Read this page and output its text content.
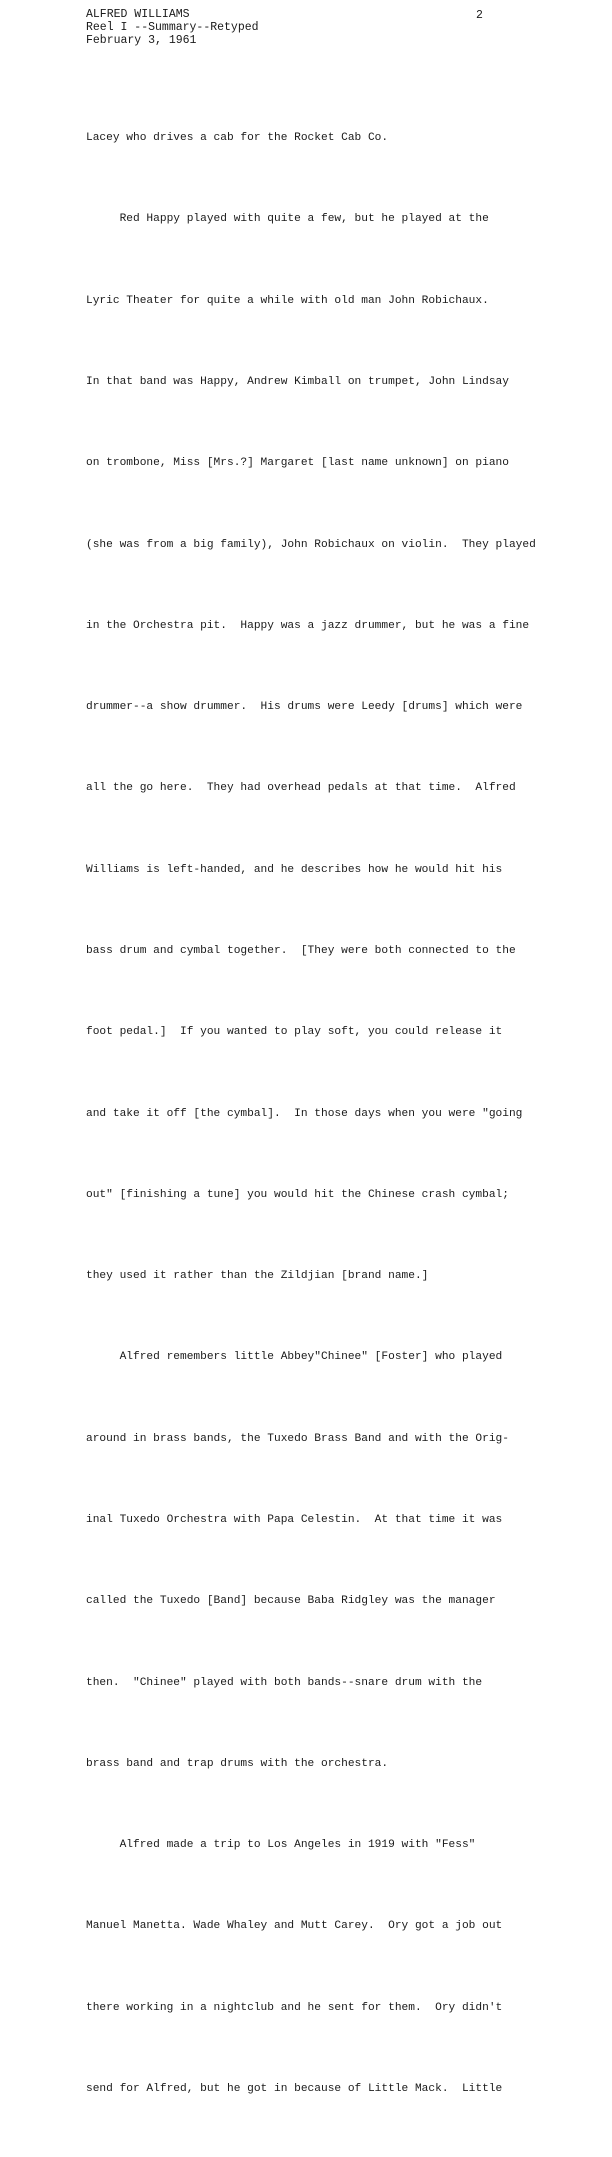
ALFRED WILLIAMS
Reel I --Summary--Retyped
February 3, 1961
2

Lacey who drives a cab for the Rocket Cab Co.

Red Happy played with quite a few, but he played at the

Lyric Theater for quite a while with old man John Robichaux.

In that band was Happy, Andrew Kimball on trumpet, John Lindsay

on trombone, Miss [Mrs.?] Margaret [last name unknown] on piano

(she was from a big family), John Robichaux on violin.  They played

in the Orchestra pit.  Happy was a jazz drummer, but he was a fine

drummer--a show drummer.  His drums were Leedy [drums] which were

all the go here.  They had overhead pedals at that time.  Alfred

Williams is left-handed, and he describes how he would hit his

bass drum and cymbal together.  [They were both connected to the

foot pedal.]  If you wanted to play soft, you could release it

and take it off [the cymbal].  In those days when you were "going

out" [finishing a tune] you would hit the Chinese crash cymbal;

they used it rather than the Zildjian [brand name.]

Alfred remembers little Abbey"Chinee" [Foster] who played

around in brass bands, the Tuxedo Brass Band and with the Orig-

inal Tuxedo Orchestra with Papa Celestin.  At that time it was

called the Tuxedo [Band] because Baba Ridgley was the manager

then.  "Chinee" played with both bands--snare drum with the

brass band and trap drums with the orchestra.

Alfred made a trip to Los Angeles in 1919 with "Fess"

Manuel Manetta. Wade Whaley and Mutt Carey.  Ory got a job out

there working in a nightclub and he sent for them.  Ory didn't

send for Alfred, but he got in because of Little Mack.  Little
